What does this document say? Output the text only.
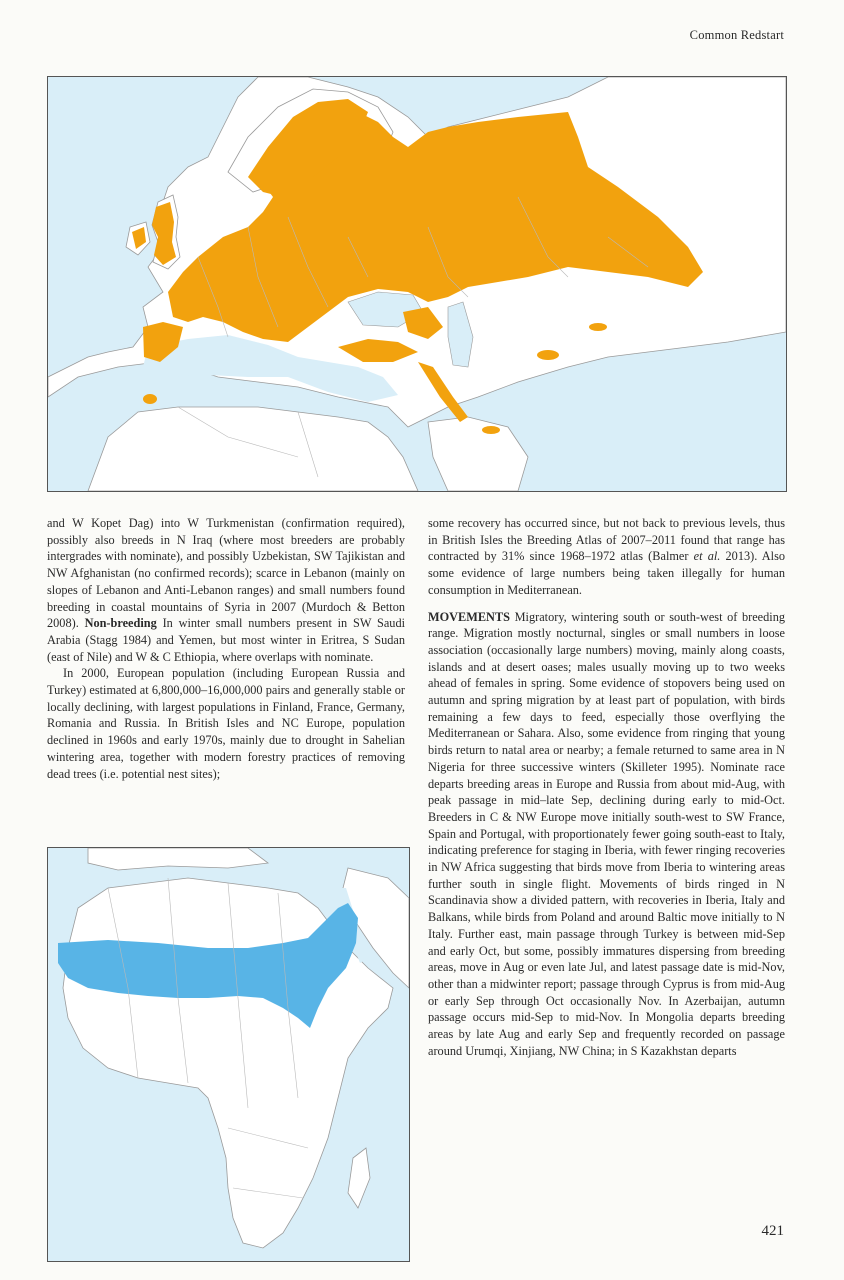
Common Redstart

and W Kopet Dag) into W Turkmenistan (confirmation required), possibly also breeds in N Iraq (where most breeders are probably intergrades with nominate), and possibly Uzbekistan, SW Tajikistan and NW Afghanistan (no confirmed records); scarce in Lebanon (mainly on slopes of Lebanon and Anti-Lebanon ranges) and small numbers found breeding in coastal mountains of Syria in 2007 (Murdoch & Betton 2008). Non-breeding In winter small numbers present in SW Saudi Arabia (Stagg 1984) and Yemen, but most winter in Eritrea, S Sudan (east of Nile) and W & C Ethiopia, where overlaps with nominate.

In 2000, European population (including European Russia and Turkey) estimated at 6,800,000–16,000,000 pairs and generally stable or locally declining, with largest populations in Finland, France, Germany, Romania and Russia. In British Isles and NC Europe, population declined in 1960s and early 1970s, mainly due to drought in Sahelian wintering area, together with modern forestry practices of removing dead trees (i.e. potential nest sites);

some recovery has occurred since, but not back to previous levels, thus in British Isles the Breeding Atlas of 2007–2011 found that range has contracted by 31% since 1968–1972 atlas (Balmer et al. 2013). Also some evidence of large numbers being taken illegally for human consumption in Mediterranean.

MOVEMENTS Migratory, wintering south or south-west of breeding range. Migration mostly nocturnal, singles or small numbers in loose association (occasionally large numbers) moving, mainly along coasts, islands and at desert oases; males usually moving up to two weeks ahead of females in spring. Some evidence of stopovers being used on autumn and spring migration by at least part of population, with birds remaining a few days to feed, especially those overflying the Mediterranean or Sahara. Also, some evidence from ringing that young birds return to natal area or nearby; a female returned to same area in N Nigeria for three successive winters (Skilleter 1995). Nominate race departs breeding areas in Europe and Russia from about mid-Aug, with peak passage in mid–late Sep, declining during early to mid-Oct. Breeders in C & NW Europe move initially south-west to SW France, Spain and Portugal, with proportionately fewer going south-east to Italy, indicating preference for staging in Iberia, with fewer ringing recoveries in NW Africa suggesting that birds move from Iberia to wintering areas further south in single flight. Movements of birds ringed in N Scandinavia show a divided pattern, with recoveries in Iberia, Italy and Balkans, while birds from Poland and around Baltic move initially to N Italy. Further east, main passage through Turkey is between mid-Sep and early Oct, but some, possibly immatures dispersing from breeding areas, move in Aug or even late Jul, and latest passage date is mid-Nov, other than a midwinter report; passage through Cyprus is from mid-Aug or early Sep through Oct occasionally Nov. In Azerbaijan, autumn passage occurs mid-Sep to mid-Nov. In Mongolia departs breeding areas by late Aug and early Sep and frequently recorded on passage around Urumqi, Xinjiang, NW China; in S Kazakhstan departs

421
